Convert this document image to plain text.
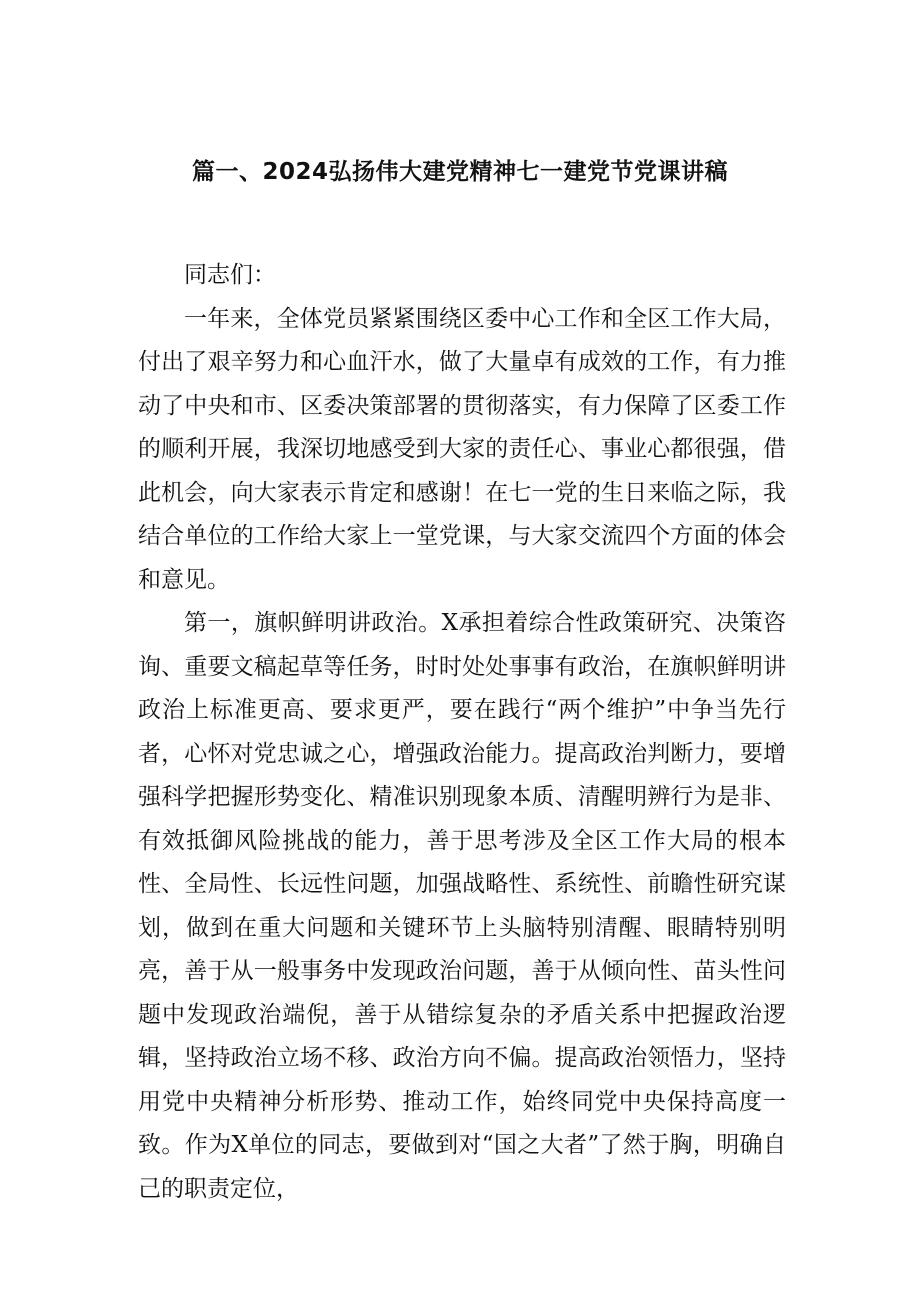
篇一、2024弘扬伟大建党精神七一建党节党课讲稿

同志们：

一年来，全体党员紧紧围绕区委中心工作和全区工作大局，付出了艰辛努力和心血汗水，做了大量卓有成效的工作，有力推动了中央和市、区委决策部署的贯彻落实，有力保障了区委工作的顺利开展，我深切地感受到大家的责任心、事业心都很强，借此机会，向大家表示肯定和感谢！在七一党的生日来临之际，我结合单位的工作给大家上一堂党课，与大家交流四个方面的体会和意见。

第一，旗帜鲜明讲政治。X承担着综合性政策研究、决策咨询、重要文稿起草等任务，时时处处事事有政治，在旗帜鲜明讲政治上标准更高、要求更严，要在践行“两个维护”中争当先行者，心怀对党忠诚之心，增强政治能力。提高政治判断力，要增强科学把握形势变化、精准识别现象本质、清醒明辨行为是非、有效抵御风险挑战的能力，善于思考涉及全区工作大局的根本性、全局性、长远性问题，加强战略性、系统性、前瞻性研究谋划，做到在重大问题和关键环节上头脑特别清醒、眼睛特别明亮，善于从一般事务中发现政治问题，善于从倾向性、苗头性问题中发现政治端倪，善于从错综复杂的矛盾关系中把握政治逻辑，坚持政治立场不移、政治方向不偏。提高政治领悟力，坚持用党中央精神分析形势、推动工作，始终同党中央保持高度一致。作为X单位的同志，要做到对“国之大者”了然于胸，明确自己的职责定位，
